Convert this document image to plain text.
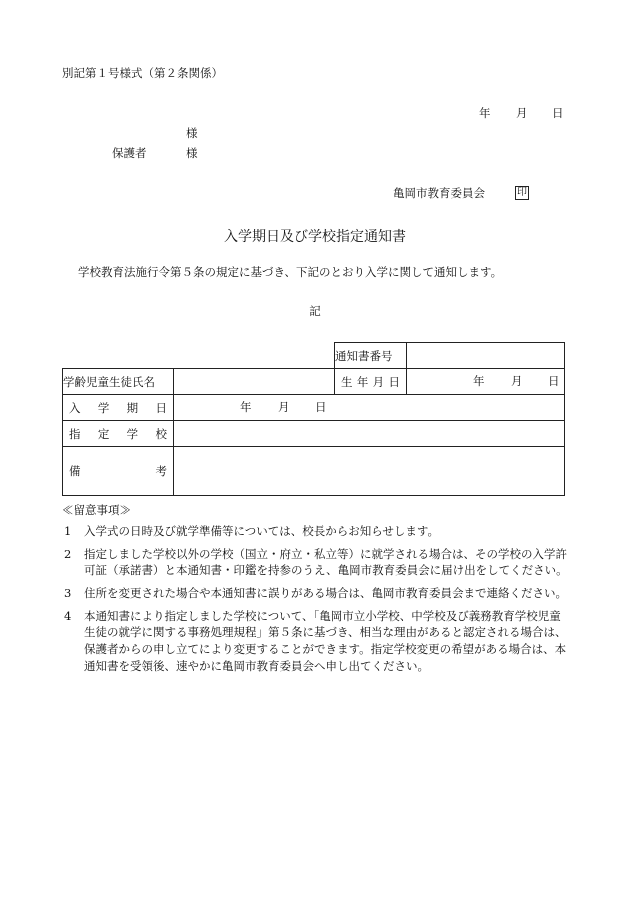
別記第１号様式（第２条関係）
年 月 日
様
保護者	様
亀岡市教育委員会	印
入学期日及び学校指定通知書
学校教育法施行令第５条の規定に基づき、下記のとおり入学に関して通知します。
記
		通知書番号	
学齢児童生徒氏名		生 年 月 日	年 月 日

入 学 期 日	年 月 日		

指 定 学 校			

備 考			

≪留意事項≫
1	入学式の日時及び就学準備等については、校長からお知らせします。
2	指定しました学校以外の学校（国立・府立・私立等）に就学される場合は、その学校の入学許可証（承諾書）と本通知書・印鑑を持参のうえ、亀岡市教育委員会に届け出をしてください。
3	住所を変更された場合や本通知書に誤りがある場合は、亀岡市教育委員会まで連絡ください。
4	本通知書により指定しました学校について、「亀岡市立小学校、中学校及び義務教育学校児童生徒の就学に関する事務処理規程」第５条に基づき、相当な理由があると認定される場合は、保護者からの申し立てにより変更することができます。指定学校変更の希望がある場合は、本通知書を受領後、速やかに亀岡市教育委員会へ申し出てください。
